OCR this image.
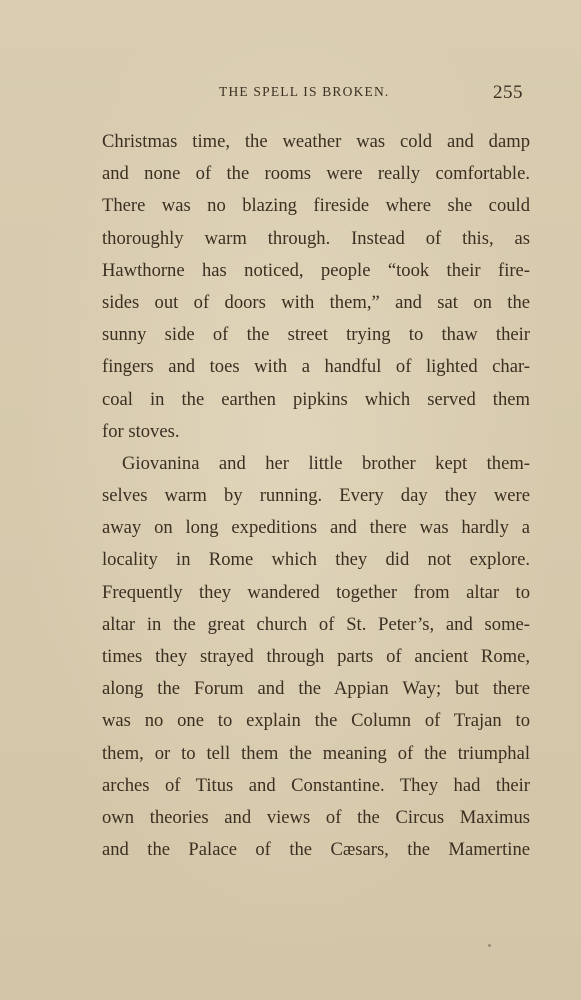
THE SPELL IS BROKEN.	255
Christmas time, the weather was cold and damp
and none of the rooms were really comfortable.
There was no blazing fireside where she could
thoroughly warm through. Instead of this, as
Hawthorne has noticed, people “took their fire-
sides out of doors with them,” and sat on the
sunny side of the street trying to thaw their
fingers and toes with a handful of lighted char-
coal in the earthen pipkins which served them
for stoves.
Giovanina and her little brother kept them-
selves warm by running. Every day they were
away on long expeditions and there was hardly a
locality in Rome which they did not explore.
Frequently they wandered together from altar to
altar in the great church of St. Peter’s, and some-
times they strayed through parts of ancient Rome,
along the Forum and the Appian Way; but there
was no one to explain the Column of Trajan to
them, or to tell them the meaning of the triumphal
arches of Titus and Constantine. They had their
own theories and views of the Circus Maximus
and the Palace of the Cæsars, the Mamertine
